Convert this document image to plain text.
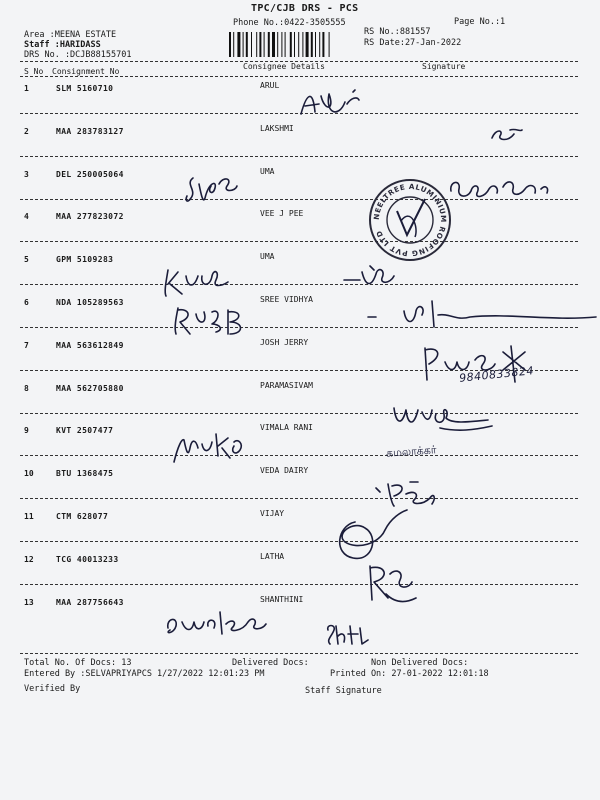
TPC/CJB DRS - PCS
Phone No.:0422-3505555	Page No.:1
Area :MEENA ESTATE
Staff :HARIDASS
DRS No. :DCJB88155701
RS No.:881557
RS Date:27-Jan-2022
S No Consignment No
Consignee Details	Signature
1	SLM 5160710	ARUL
2	MAA 283783127	LAKSHMI
3	DEL 250005064	UMA
4	MAA 277823072	VEE J PEE
5	GPM 5109283	UMA
6	NDA 105289563	SREE VIDHYA
7	MAA 563612849	JOSH JERRY
8	MAA 562705880	PARAMASIVAM
9	KVT 2507477	VIMALA RANI
10	BTU 1368475	VEDA DAIRY
11	CTM 628077	VIJAY
12	TCG 40013233	LATHA
13	MAA 287756643	SHANTHINI
NEELTREE ALUMINIUM ROOFING PVT LTD
9840833824
கமலாக்கர்
Total No. Of Docs: 13	Delivered Docs:	Non Delivered Docs:
Entered By :SELVAPRIYAPCS 1/27/2022 12:01:23 PM	Printed On: 27-01-2022 12:01:18
Verified By	Staff Signature
